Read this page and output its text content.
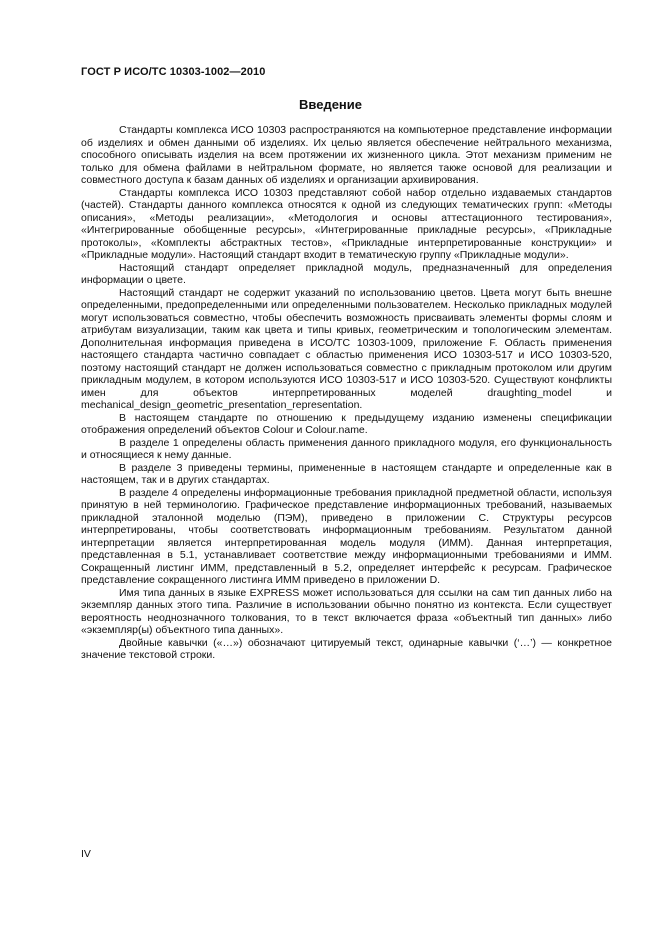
ГОСТ Р ИСО/ТС 10303-1002—2010
Введение

Стандарты комплекса ИСО 10303 распространяются на компьютерное представление информации об изделиях и обмен данными об изделиях. Их целью является обеспечение нейтрального механизма, способного описывать изделия на всем протяжении их жизненного цикла. Этот механизм применим не только для обмена файлами в нейтральном формате, но является также основой для реализации и совместного доступа к базам данных об изделиях и организации архивирования.

Стандарты комплекса ИСО 10303 представляют собой набор отдельно издаваемых стандартов (частей). Стандарты данного комплекса относятся к одной из следующих тематических групп: «Методы описания», «Методы реализации», «Методология и основы аттестационного тестирования», «Интегрированные обобщенные ресурсы», «Интегрированные прикладные ресурсы», «Прикладные протоколы», «Комплекты абстрактных тестов», «Прикладные интерпретированные конструкции» и «Прикладные модули». Настоящий стандарт входит в тематическую группу «Прикладные модули».

Настоящий стандарт определяет прикладной модуль, предназначенный для определения информации о цвете.

Настоящий стандарт не содержит указаний по использованию цветов. Цвета могут быть внешне определенными, предопределенными или определенными пользователем. Несколько прикладных модулей могут использоваться совместно, чтобы обеспечить возможность присваивать элементы формы слоям и атрибутам визуализации, таким как цвета и типы кривых, геометрическим и топологическим элементам. Дополнительная информация приведена в ИСО/ТС 10303-1009, приложение F. Область применения настоящего стандарта частично совпадает с областью применения ИСО 10303-517 и ИСО 10303-520, поэтому настоящий стандарт не должен использоваться совместно с прикладным протоколом или другим прикладным модулем, в котором используются ИСО 10303-517 и ИСО 10303-520. Существуют конфликты имен для объектов интерпретированных моделей draughting_model и mechanical_design_geometric_presentation_representation.

В настоящем стандарте по отношению к предыдущему изданию изменены спецификации отображения определений объектов Colour и Colour.name.

В разделе 1 определены область применения данного прикладного модуля, его функциональность и относящиеся к нему данные.

В разделе 3 приведены термины, примененные в настоящем стандарте и определенные как в настоящем, так и в других стандартах.

В разделе 4 определены информационные требования прикладной предметной области, используя принятую в ней терминологию. Графическое представление информационных требований, называемых прикладной эталонной моделью (ПЭМ), приведено в приложении С. Структуры ресурсов интерпретированы, чтобы соответствовать информационным требованиям. Результатом данной интерпретации является интерпретированная модель модуля (ИММ). Данная интерпретация, представленная в 5.1, устанавливает соответствие между информационными требованиями и ИММ. Сокращенный листинг ИММ, представленный в 5.2, определяет интерфейс к ресурсам. Графическое представление сокращенного листинга ИММ приведено в приложении D.

Имя типа данных в языке EXPRESS может использоваться для ссылки на сам тип данных либо на экземпляр данных этого типа. Различие в использовании обычно понятно из контекста. Если существует вероятность неоднозначного толкования, то в текст включается фраза «объектный тип данных» либо «экземпляр(ы) объектного типа данных».

Двойные кавычки («…») обозначают цитируемый текст, одинарные кавычки (‘…’) — конкретное значение текстовой строки.

IV
